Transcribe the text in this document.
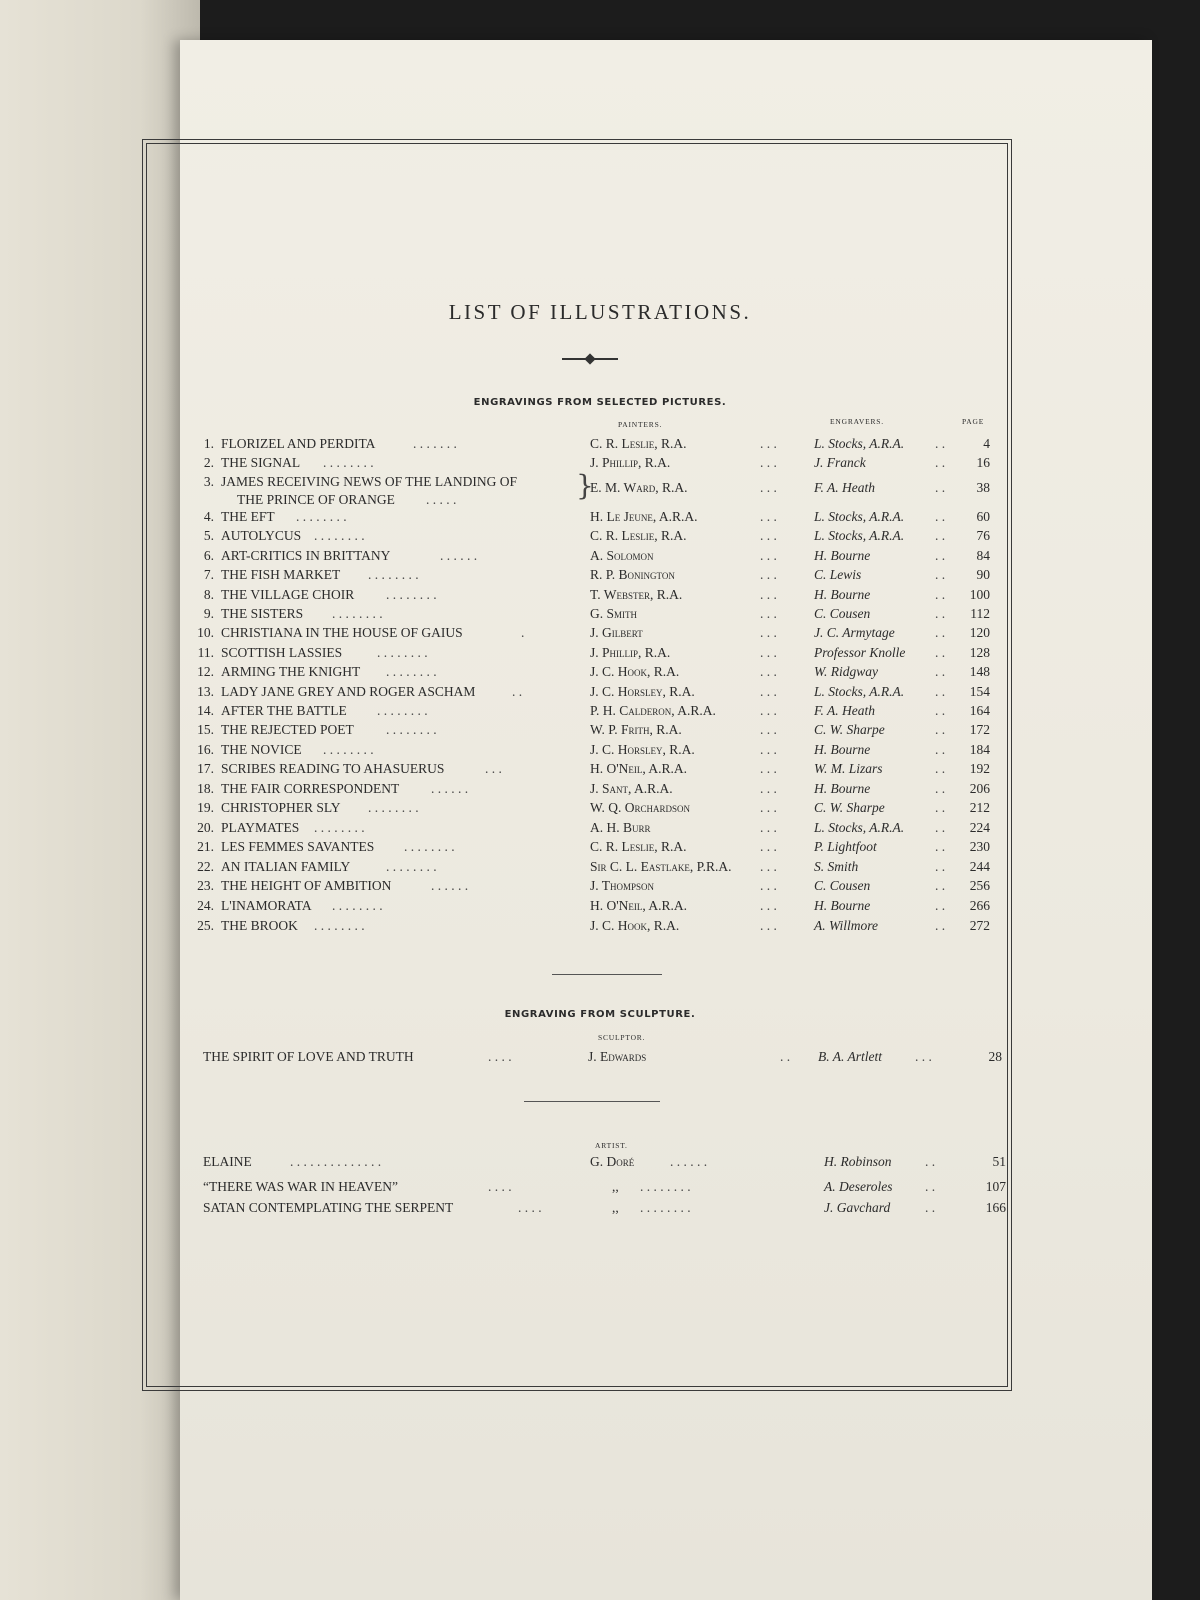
LIST OF ILLUSTRATIONS.
ENGRAVINGS FROM SELECTED PICTURES.
PAINTERS.	ENGRAVERS.	PAGE
1. FLORIZEL AND PERDITA	. . . . . . .	C. R. Leslie, R.A.	. . .	L. Stocks, A.R.A. . .	4
2. THE SIGNAL . . . . . . . .	J. Phillip, R.A.	. . .	J. Franck	. .	16
3. JAMES RECEIVING NEWS OF THE LANDING OF
THE PRINCE OF ORANGE . . . . .	}
E. M. Ward, R.A.	. . .	F. A. Heath	. .	38
4. THE EFT . . . . . . . .	H. Le Jeune, A.R.A.	. . .	L. Stocks, A.R.A. . .	60
5. AUTOLYCUS . . . . . . . .	C. R. Leslie, R.A.	. . .	L. Stocks, A.R.A. . .	76
6. ART-CRITICS IN BRITTANY	. . . . . .	A. Solomon	. . .	H. Bourne	. .	84
7. THE FISH MARKET . . . . . . . .	R. P. Bonington	. . .	C. Lewis	. .	90
8. THE VILLAGE CHOIR . . . . . . . .	T. Webster, R.A.	. . .	H. Bourne	. .	100
9. THE SISTERS . . . . . . . .	G. Smith	. . .	C. Cousen	. .	112
10. CHRISTIANA IN THE HOUSE OF GAIUS	.	J. Gilbert	. . .	J. C. Armytage	. .	120
11. SCOTTISH LASSIES	. . . . . . . .	J. Phillip, R.A.	. . .	Professor Knolle . .	128
12. ARMING THE KNIGHT . . . . . . . .	J. C. Hook, R.A.	. . .	W. Ridgway	. .	148
13. LADY JANE GREY AND ROGER ASCHAM	. .	J. C. Horsley, R.A.	. . .	L. Stocks, A.R.A. . .	154
14. AFTER THE BATTLE . . . . . . . .	P. H. Calderon, A.R.A.	. . .	F. A. Heath	. .	164
15. THE REJECTED POET . . . . . . . .	W. P. Frith, R.A.	. . .	C. W. Sharpe	. .	172
16. THE NOVICE . . . . . . . .	J. C. Horsley, R.A.	. . .	H. Bourne	. .	184
17. SCRIBES READING TO AHASUERUS	. . .	H. O'Neil, A.R.A.	. . .	W. M. Lizars	. .	192
18. THE FAIR CORRESPONDENT . . . . . .	J. Sant, A.R.A.	. . .	H. Bourne	. .	206
19. CHRISTOPHER SLY . . . . . . . .	W. Q. Orchardson	. . .	C. W. Sharpe	. .	212
20. PLAYMATES . . . . . . . .	A. H. Burr	. . .	L. Stocks, A.R.A. . .	224
21. LES FEMMES SAVANTES . . . . . . . .	C. R. Leslie, R.A.	. . .	P. Lightfoot	. .	230
22. AN ITALIAN FAMILY	. . . . . . . .	Sir C. L. Eastlake, P.R.A. . . .	S. Smith	. .	244
23. THE HEIGHT OF AMBITION	. . . . . .	J. Thompson	. . .	C. Cousen	. .	256
24. L'INAMORATA . . . . . . . .	H. O'Neil, A.R.A.	. . .	H. Bourne	. .	266
25. THE BROOK . . . . . . . .	J. C. Hook, R.A.	. . .	A. Willmore	. .	272
ENGRAVING FROM SCULPTURE.
SCULPTOR.
THE SPIRIT OF LOVE AND TRUTH	. . . .	J. Edwards	. . B. A. Artlett . . .	28
ARTIST.
ELAINE	. . . . . . . . . . . . . .	G. Doré	. . . . . .	H. Robinson . .	51
“THERE WAS WAR IN HEAVEN”	. . . .	,, . . . . . . . .	A. Deseroles . .	107
SATAN CONTEMPLATING THE SERPENT	. . . .	,, . . . . . . . .	J. Gavchard	. .	166
